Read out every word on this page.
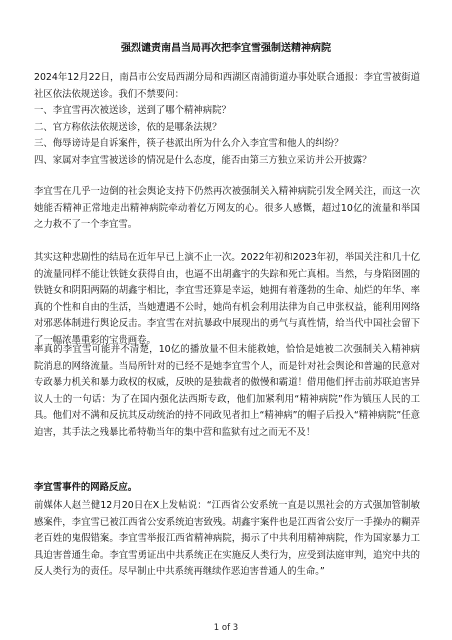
强烈谴责南昌当局再次把李宜雪强制送精神病院

2024年12月22日，南昌市公安局西湖分局和西湖区南浦街道办事处联合通报：李宜雪被街道社区依法依规送诊。我们不禁要问：

一、李宜雪再次被送诊，送到了哪个精神病院？

二、官方称依法依规送诊，依的是哪条法规？

三、侮辱谤诗是自诉案件，筷子巷派出所为什么介入李宜雪和他人的纠纷？

四、家属对李宜雪被送诊的情况是什么态度，能否由第三方独立采访并公开披露？

李宜雪在几乎一边倒的社会舆论支持下仍然再次被强制关入精神病院引发全网关注，而这一次她能否精神正常地走出精神病院牵动着亿万网友的心。很多人感慨，超过10亿的流量和举国之力救不了一个李宜雪。
其实这种悲剧性的结局在近年早已上演不止一次。2022年初和2023年初，举国关注和几十亿的流量同样不能让铁链女获得自由，也逼不出胡鑫宇的失踪和死亡真相。当然，与身陷囹圄的铁链女和阴阳两隔的胡鑫宇相比，李宜雪还算是幸运，她拥有着蓬勃的生命、灿烂的年华、率真的个性和自由的生活，当她遭遇不公时，她尚有机会利用法律为自己申张权益，能利用网络对邪恶体制进行舆论反击。李宜雪在对抗暴政中展现出的勇气与真性情，给当代中国社会留下了一幅浓墨重彩的宝贵画卷。
率真的李宜雪可能并不清楚，10亿的播放量不但未能救她，恰恰是她被二次强制关入精神病院消息的网络流量。当局所针对的已经不是她李宜雪个人，而是针对社会舆论和普遍的民意对专政暴力机关和暴力政权的权威，反映的是独裁者的傲慢和霸道！借用他们抨击前苏联迫害异议人士的一句话：为了在国内强化法西斯专政，他们加紧利用“精神病院”作为镇压人民的工具。他们对不满和反抗其反动统治的持不同政见者扣上“精神病”的帽子后投入“精神病院”任意迫害，其手法之残暴比希特勒当年的集中营和监狱有过之而无不及！
李宜雪事件的网路反应。
前媒体人赵兰健12月20日在X上发帖说：“江西省公安系统一直是以黑社会的方式强加管制敏感案件，李宜雪已被江西省公安系统迫害致残。胡鑫宇案件也是江西省公安厅一手操办的糊弄老百姓的鬼假错案。李宜雪举报江西省精神病院，揭示了中共利用精神病院，作为国家暴力工具迫害普通生命。李宜雪勇证出中共系统正在实施反人类行为，应受到法庭审判，追究中共的反人类行为的责任。尽早制止中共系统再继续作恶迫害普通人的生命。”
1 of 3
